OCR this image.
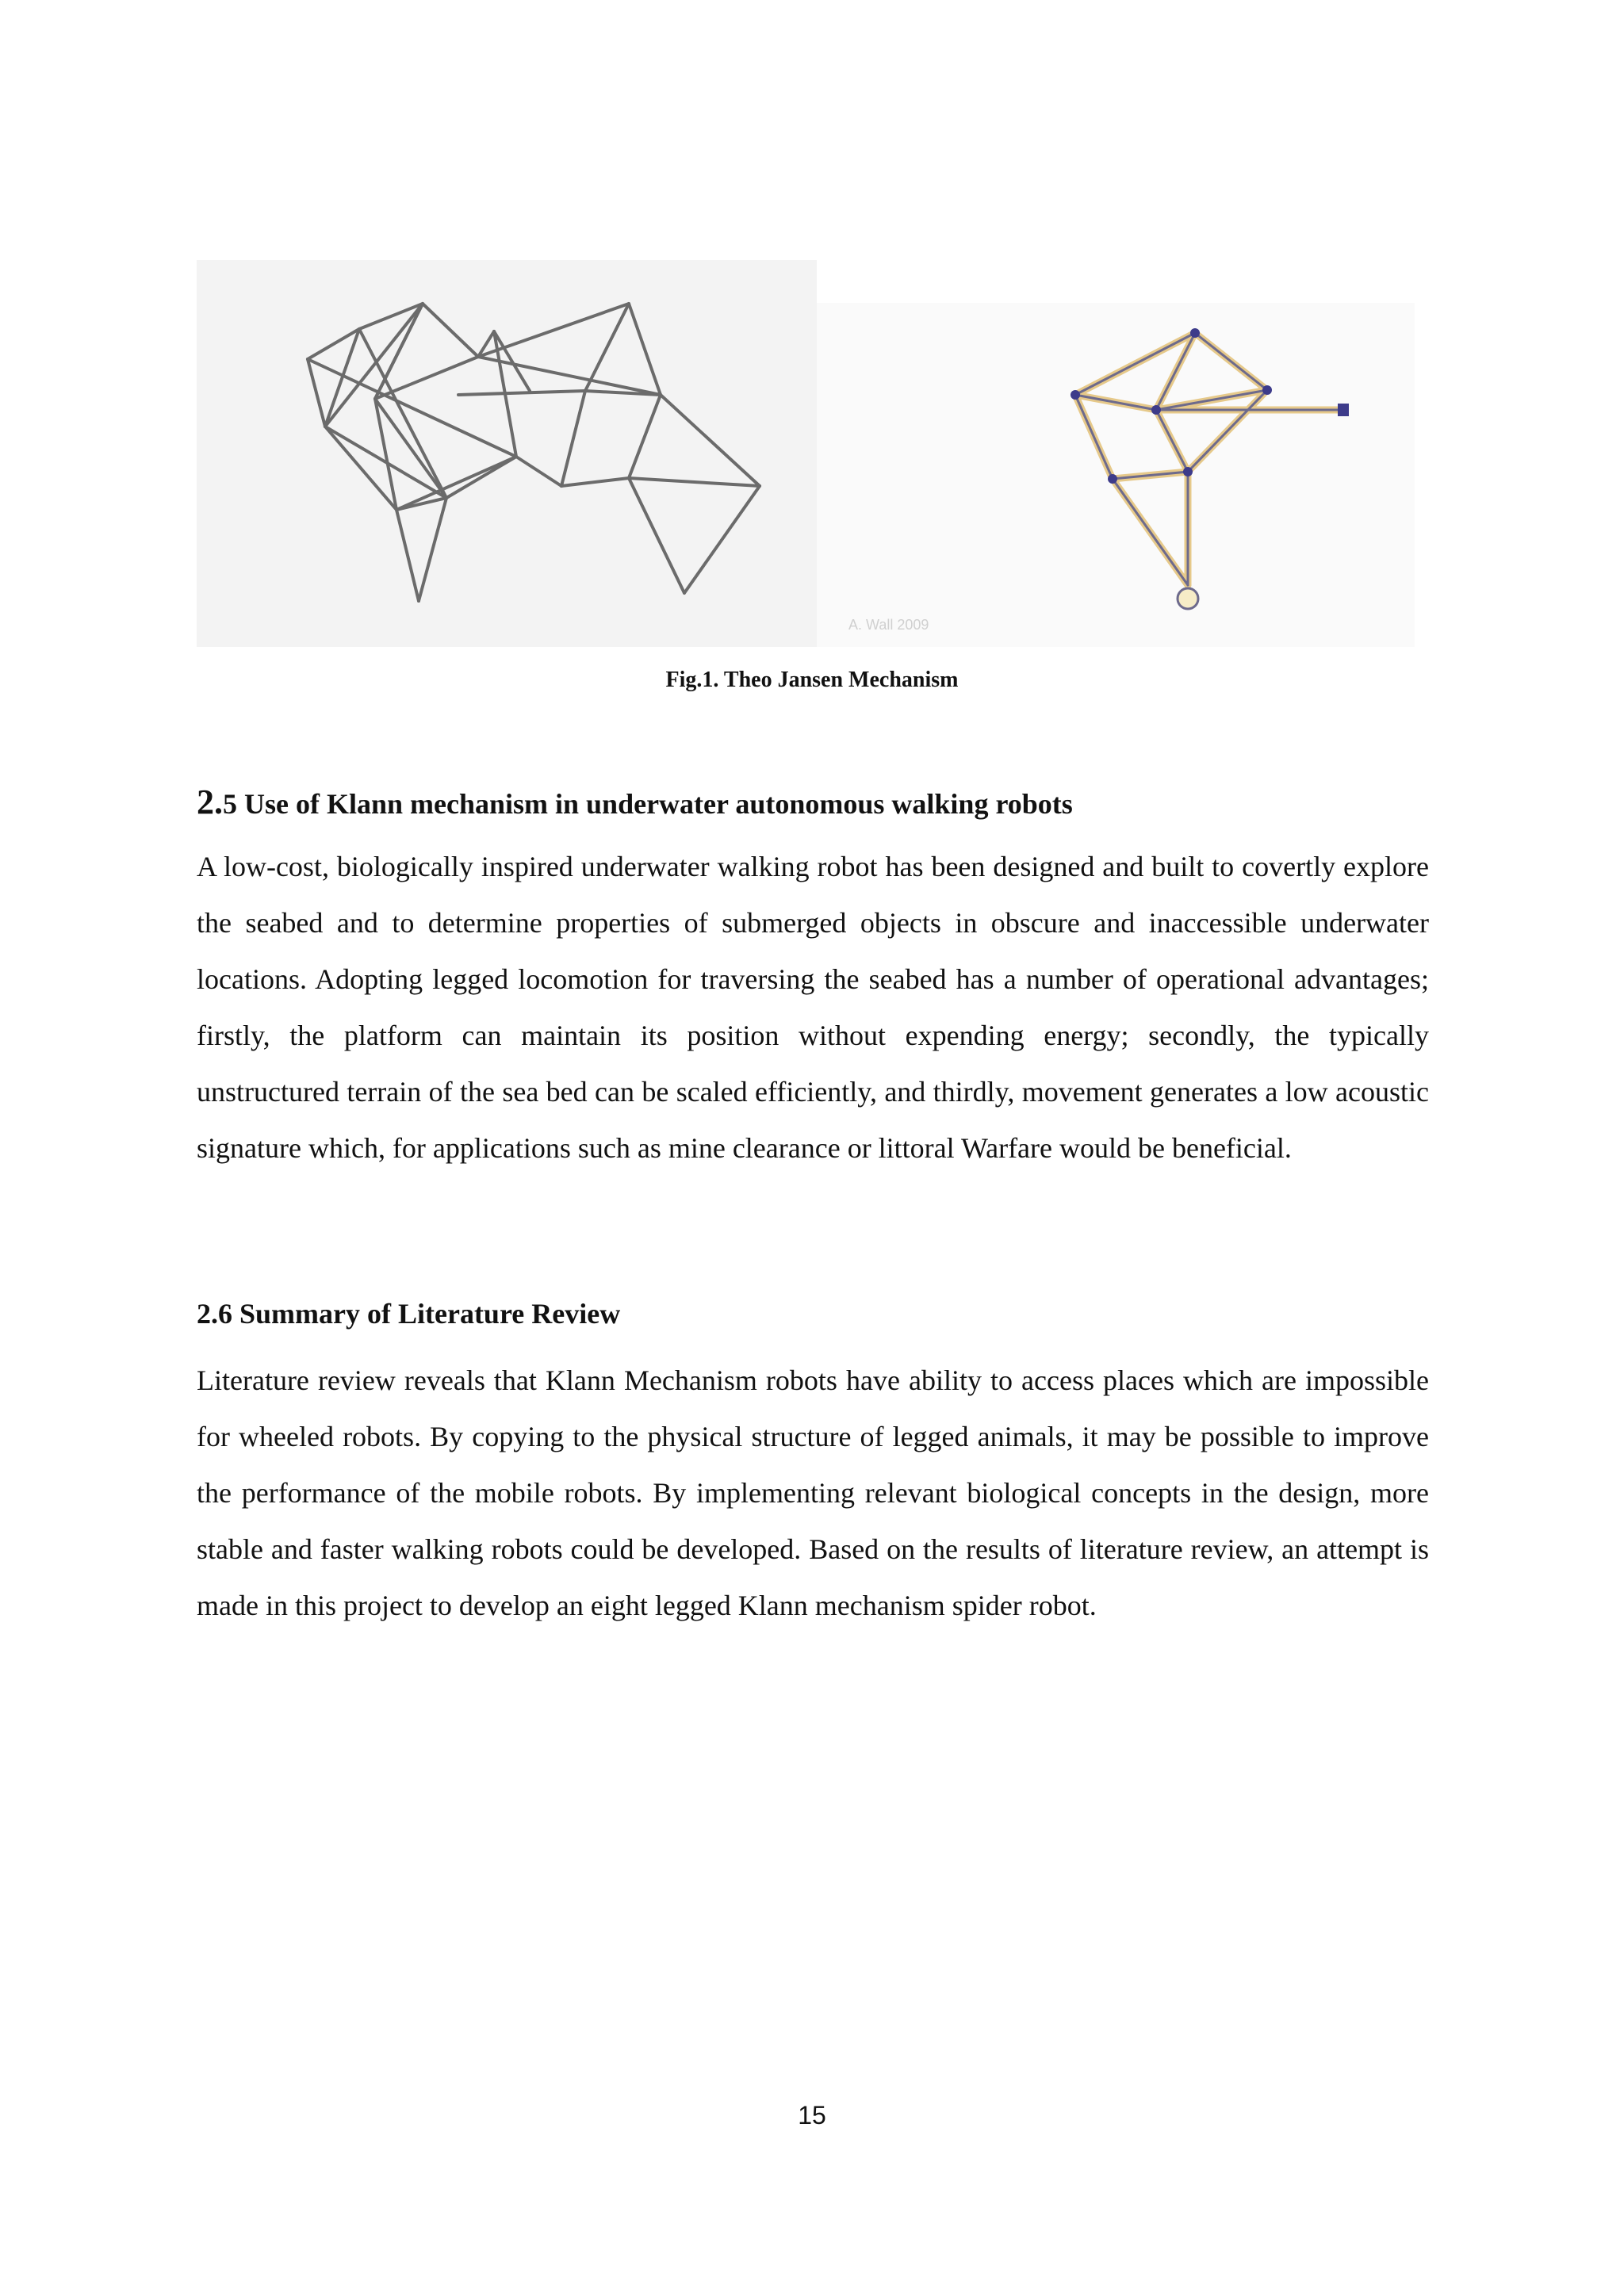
A. Wall 2009
Fig.1. Theo Jansen Mechanism
2.5 Use of Klann mechanism in underwater autonomous walking robots

A low-cost, biologically inspired underwater walking robot has been designed and built to covertly explore the seabed and to determine properties of submerged objects in obscure and inaccessible underwater locations. Adopting legged locomotion for traversing the seabed has a number of operational advantages; firstly, the platform can maintain its position without expending energy; secondly, the typically unstructured terrain of the sea bed can be scaled efficiently, and thirdly, movement generates a low acoustic signature which, for applications such as mine clearance or littoral Warfare would be beneficial.

2.6 Summary of Literature Review

Literature review reveals that Klann Mechanism robots have ability to access places which are impossible for wheeled robots. By copying to the physical structure of legged animals, it may be possible to improve the performance of the mobile robots. By implementing relevant biological concepts in the design, more stable and faster walking robots could be developed. Based on the results of literature review, an attempt is made in this project to develop an eight legged Klann mechanism spider robot.

15
